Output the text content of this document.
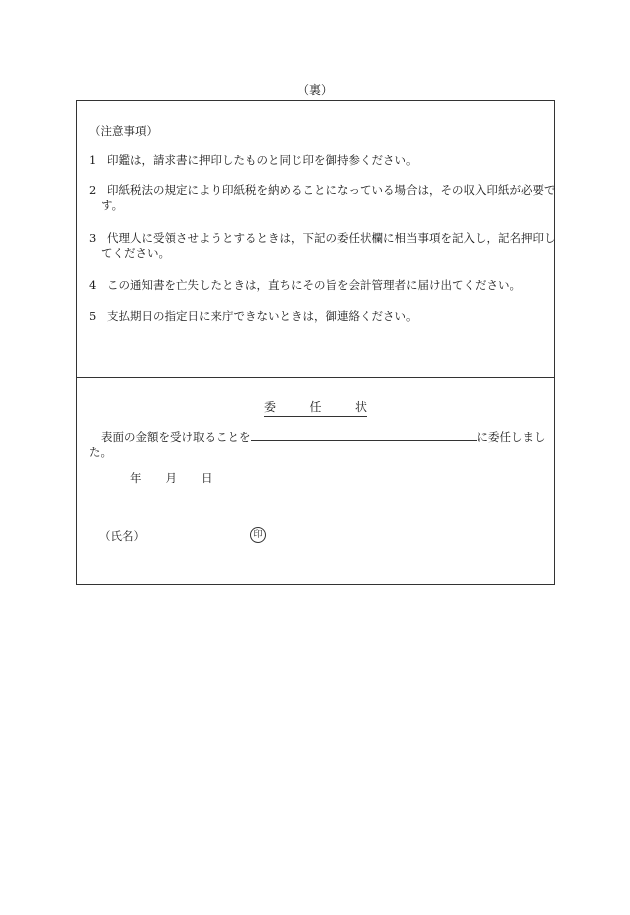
（裏）
（注意事項）
1 印鑑は，請求書に押印したものと同じ印を御持参ください。
2 印紙税法の規定により印紙税を納めることになっている場合は，その収入印紙が必要です。
3 代理人に受領させようとするときは，下記の委任状欄に相当事項を記入し，記名押印してください。
4 この通知書を亡失したときは，直ちにその旨を会計管理者に届け出てください。
5 支払期日の指定日に来庁できないときは，御連絡ください。
委　任　状
表面の金額を受け取ることを	に委任しました。
年 月 日
（氏名）	印
